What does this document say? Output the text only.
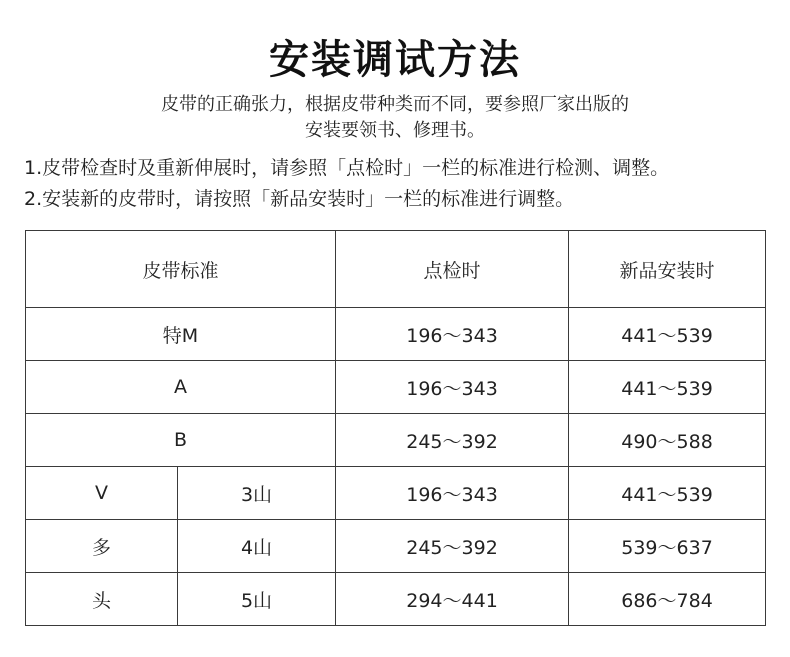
安装调试方法
皮带的正确张力，根据皮带种类而不同，要参照厂家出版的
安装要领书、修理书。
1.皮带检查时及重新伸展时，请参照「点检时」一栏的标准进行检测、调整。
2.安装新的皮带时，请按照「新品安装时」一栏的标准进行调整。
皮带标准		点检时	新品安装时
特M		196～343	441～539
A		196～343	441～539
B		245～392	490～588
V	3山	196～343	441～539
多	4山	245～392	539～637
头	5山	294～441	686～784
